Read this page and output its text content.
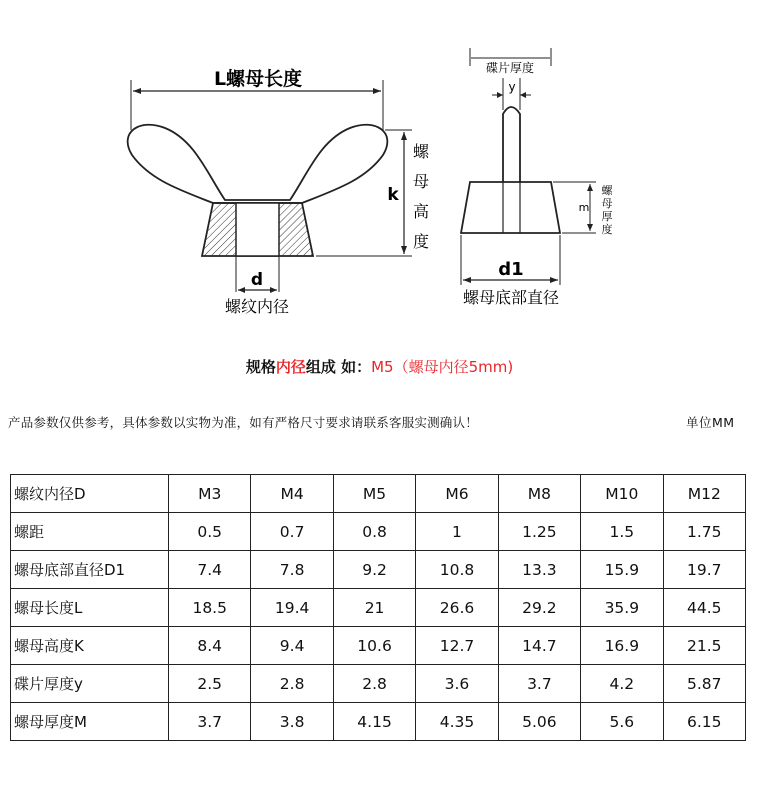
L螺母长度
k
螺
母
高
度
d
螺纹内径
碟片厚度
y
m
螺
母
厚
度
d1
螺母底部直径
规格内径组成 如：M5（螺母内径5mm)
产品参数仅供参考，具体参数以实物为准，如有严格尺寸要求请联系客服实测确认！	单位MM
螺纹内径D	M3	M4	M5	M6	M8	M10	M12
螺距	0.5	0.7	0.8	1	1.25	1.5	1.75
螺母底部直径D1	7.4	7.8	9.2	10.8	13.3	15.9	19.7
螺母长度L	18.5	19.4	21	26.6	29.2	35.9	44.5
螺母高度K	8.4	9.4	10.6	12.7	14.7	16.9	21.5
碟片厚度y	2.5	2.8	2.8	3.6	3.7	4.2	5.87
螺母厚度M	3.7	3.8	4.15	4.35	5.06	5.6	6.15
